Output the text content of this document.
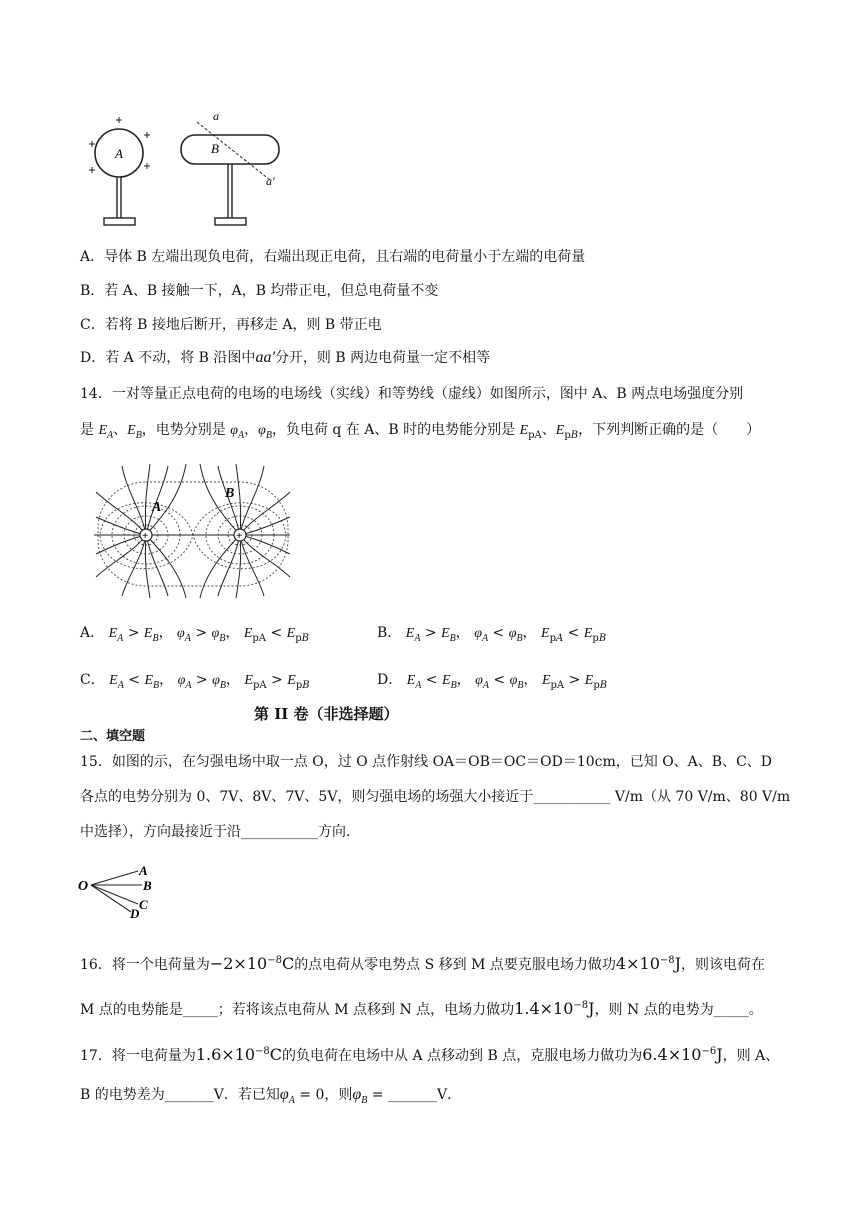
A	B
a
a′
A．导体 B 左端出现负电荷，右端出现正电荷，且右端的电荷量小于左端的电荷量
B．若 A、B 接触一下，A，B 均带正电，但总电荷量不变
C．若将 B 接地后断开，再移走 A，则 B 带正电
D．若 A 不动，将 B 沿图中aa′分开，则 B 两边电荷量一定不相等
14．一对等量正点电荷的电场的电场线（实线）和等势线（虚线）如图所示，图中 A、B 两点电场强度分别
是 $E_A$、$E_B$，电势分别是 $\varphi_A$，$\varphi_B$，负电荷 q 在 A、B 时的电势能分别是 $E_{pA}$、$E_{pB}$，下列判断正确的是（　　）
+	+
A
B
A． $E_A > E_B$， $\varphi_A > \varphi_B$， $E_{pA} < E_{pB}$	B． $E_A > E_B$， $\varphi_A < \varphi_B$， $E_{pA} < E_{pB}$
C． $E_A < E_B$， $\varphi_A > \varphi_B$， $E_{pA} > E_{pB}$	D． $E_A < E_B$， $\varphi_A < \varphi_B$， $E_{pA} > E_{pB}$
第 II 卷（非选择题）
二、填空题
15．如图的示，在匀强电场中取一点 O，过 O 点作射线 OA＝OB＝OC＝OD＝10cm，已知 O、A、B、C、D
各点的电势分别为 0、7V、8V、7V、5V，则匀强电场的场强大小接近于___________ V/m（从 70 V/m、80 V/m
中选择），方向最接近于沿___________方向．
O
A
B
C
D
16．将一个电荷量为$-2\times 10^{-8}C$的点电荷从零电势点 S 移到 M 点要克服电场力做功$4\times 10^{-8}J$，则该电荷在
M 点的电势能是_____；若将该点电荷从 M 点移到 N 点，电场力做功$1.4\times 10^{-8}J$，则 N 点的电势为_____。
17．将一电荷量为$1.6\times 10^{-8}C$的负电荷在电场中从 A 点移动到 B 点，克服电场力做功为$6.4\times 10^{-6}J$，则 A、
B 的电势差为_______V．若已知$\varphi_A = 0$，则$\varphi_B$ = _______V．
